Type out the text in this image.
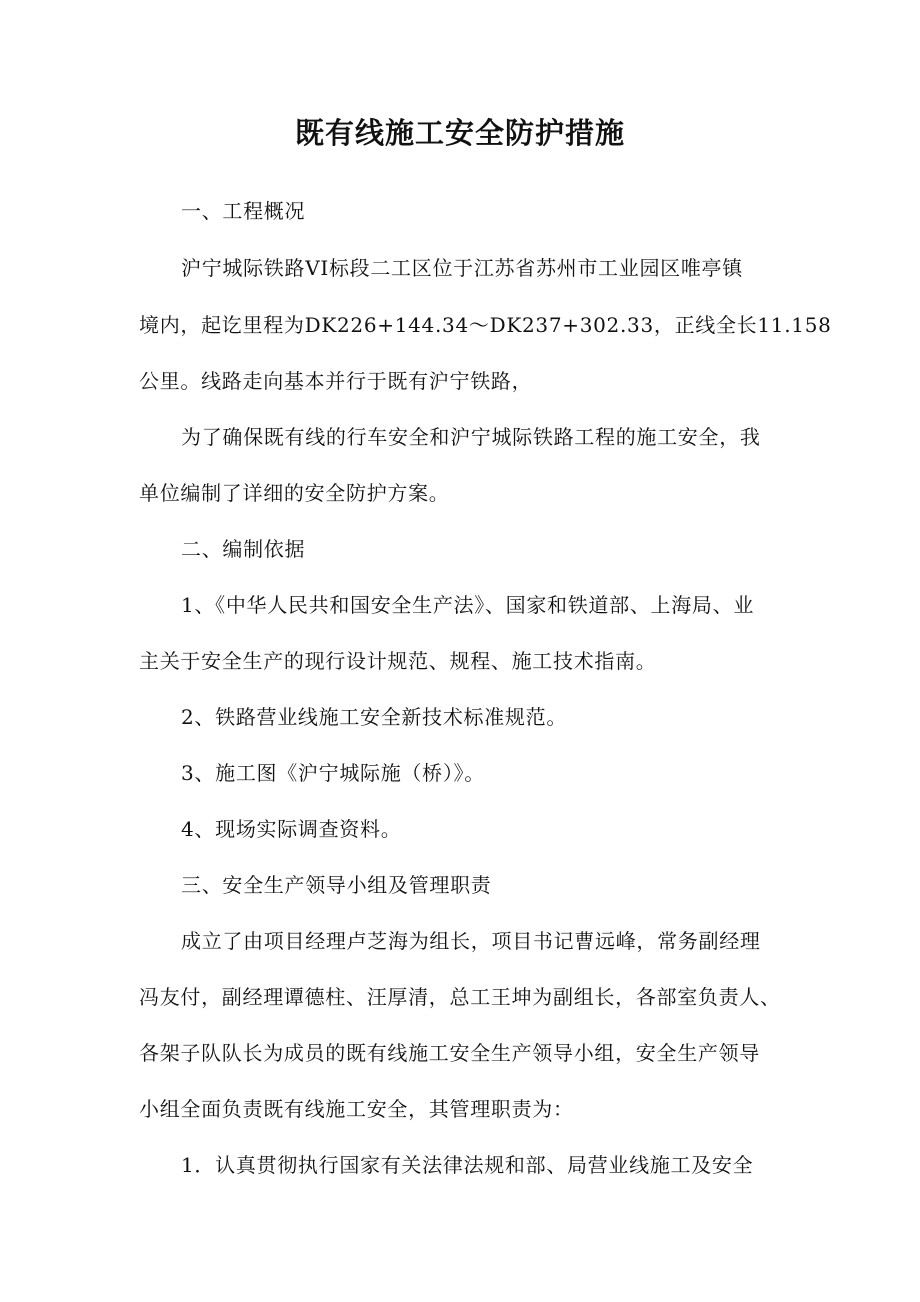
既有线施工安全防护措施

一、工程概况

沪宁城际铁路VI标段二工区位于江苏省苏州市工业园区唯亭镇

境内，起讫里程为DK226+144.34～DK237+302.33，正线全长11.158

公里。线路走向基本并行于既有沪宁铁路，

为了确保既有线的行车安全和沪宁城际铁路工程的施工安全，我

单位编制了详细的安全防护方案。

二、编制依据

1、《中华人民共和国安全生产法》、国家和铁道部、上海局、业

主关于安全生产的现行设计规范、规程、施工技术指南。

2、铁路营业线施工安全新技术标准规范。

3、施工图《沪宁城际施（桥）》。

4、现场实际调查资料。

三、安全生产领导小组及管理职责

成立了由项目经理卢芝海为组长，项目书记曹远峰，常务副经理

冯友付，副经理谭德柱、汪厚清，总工王坤为副组长，各部室负责人、

各架子队队长为成员的既有线施工安全生产领导小组，安全生产领导

小组全面负责既有线施工安全，其管理职责为：

1．认真贯彻执行国家有关法律法规和部、局营业线施工及安全
